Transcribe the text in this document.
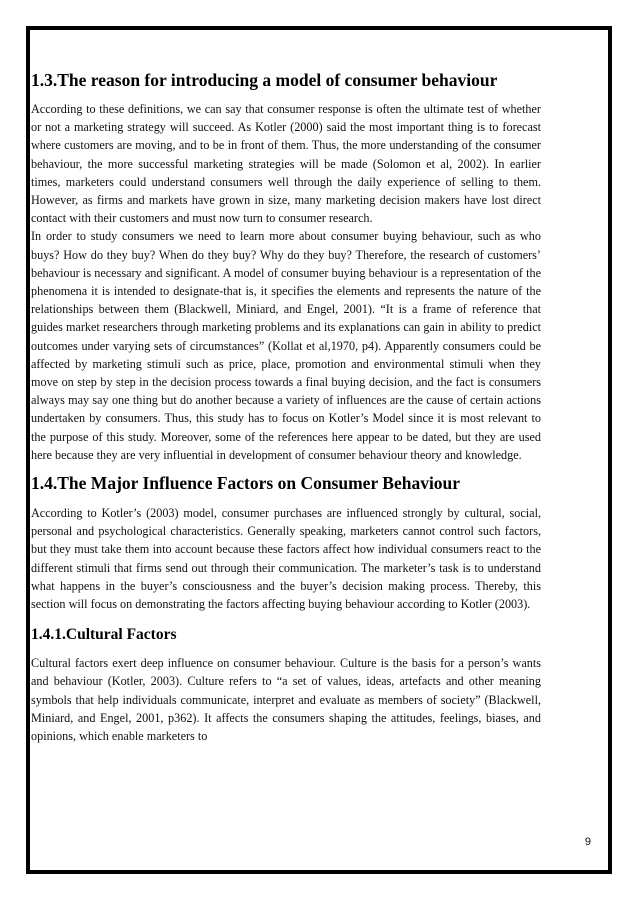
1.3.The reason for introducing a model of consumer behaviour

According to these definitions, we can say that consumer response is often the ultimate test of whether or not a marketing strategy will succeed. As Kotler (2000) said the most important thing is to forecast where customers are moving, and to be in front of them. Thus, the more understanding of the consumer behaviour, the more successful marketing strategies will be made (Solomon et al, 2002). In earlier times, marketers could understand consumers well through the daily experience of selling to them. However, as firms and markets have grown in size, many marketing decision makers have lost direct contact with their customers and must now turn to consumer research.

In order to study consumers we need to learn more about consumer buying behaviour, such as who buys? How do they buy? When do they buy? Why do they buy? Therefore, the research of customers’ behaviour is necessary and significant. A model of consumer buying behaviour is a representation of the phenomena it is intended to designate-that is, it specifies the elements and represents the nature of the relationships between them (Blackwell, Miniard, and Engel, 2001). “It is a frame of reference that guides market researchers through marketing problems and its explanations can gain in ability to predict outcomes under varying sets of circumstances” (Kollat et al,1970, p4). Apparently consumers could be affected by marketing stimuli such as price, place, promotion and environmental stimuli when they move on step by step in the decision process towards a final buying decision, and the fact is consumers always may say one thing but do another because a variety of influences are the cause of certain actions undertaken by consumers. Thus, this study has to focus on Kotler’s Model since it is most relevant to the purpose of this study. Moreover, some of the references here appear to be dated, but they are used here because they are very influential in development of consumer behaviour theory and knowledge.

1.4.The Major Influence Factors on Consumer Behaviour

According to Kotler’s (2003) model, consumer purchases are influenced strongly by cultural, social, personal and psychological characteristics. Generally speaking, marketers cannot control such factors, but they must take them into account because these factors affect how individual consumers react to the different stimuli that firms send out through their communication. The marketer’s task is to understand what happens in the buyer’s consciousness and the buyer’s decision making process. Thereby, this section will focus on demonstrating the factors affecting buying behaviour according to Kotler (2003).

1.4.1.Cultural Factors

Cultural factors exert deep influence on consumer behaviour. Culture is the basis for a person’s wants and behaviour (Kotler, 2003). Culture refers to “a set of values, ideas, artefacts and other meaning symbols that help individuals communicate, interpret and evaluate as members of society” (Blackwell, Miniard, and Engel, 2001, p362). It affects the consumers shaping the attitudes, feelings, biases, and opinions, which enable marketers to

9
